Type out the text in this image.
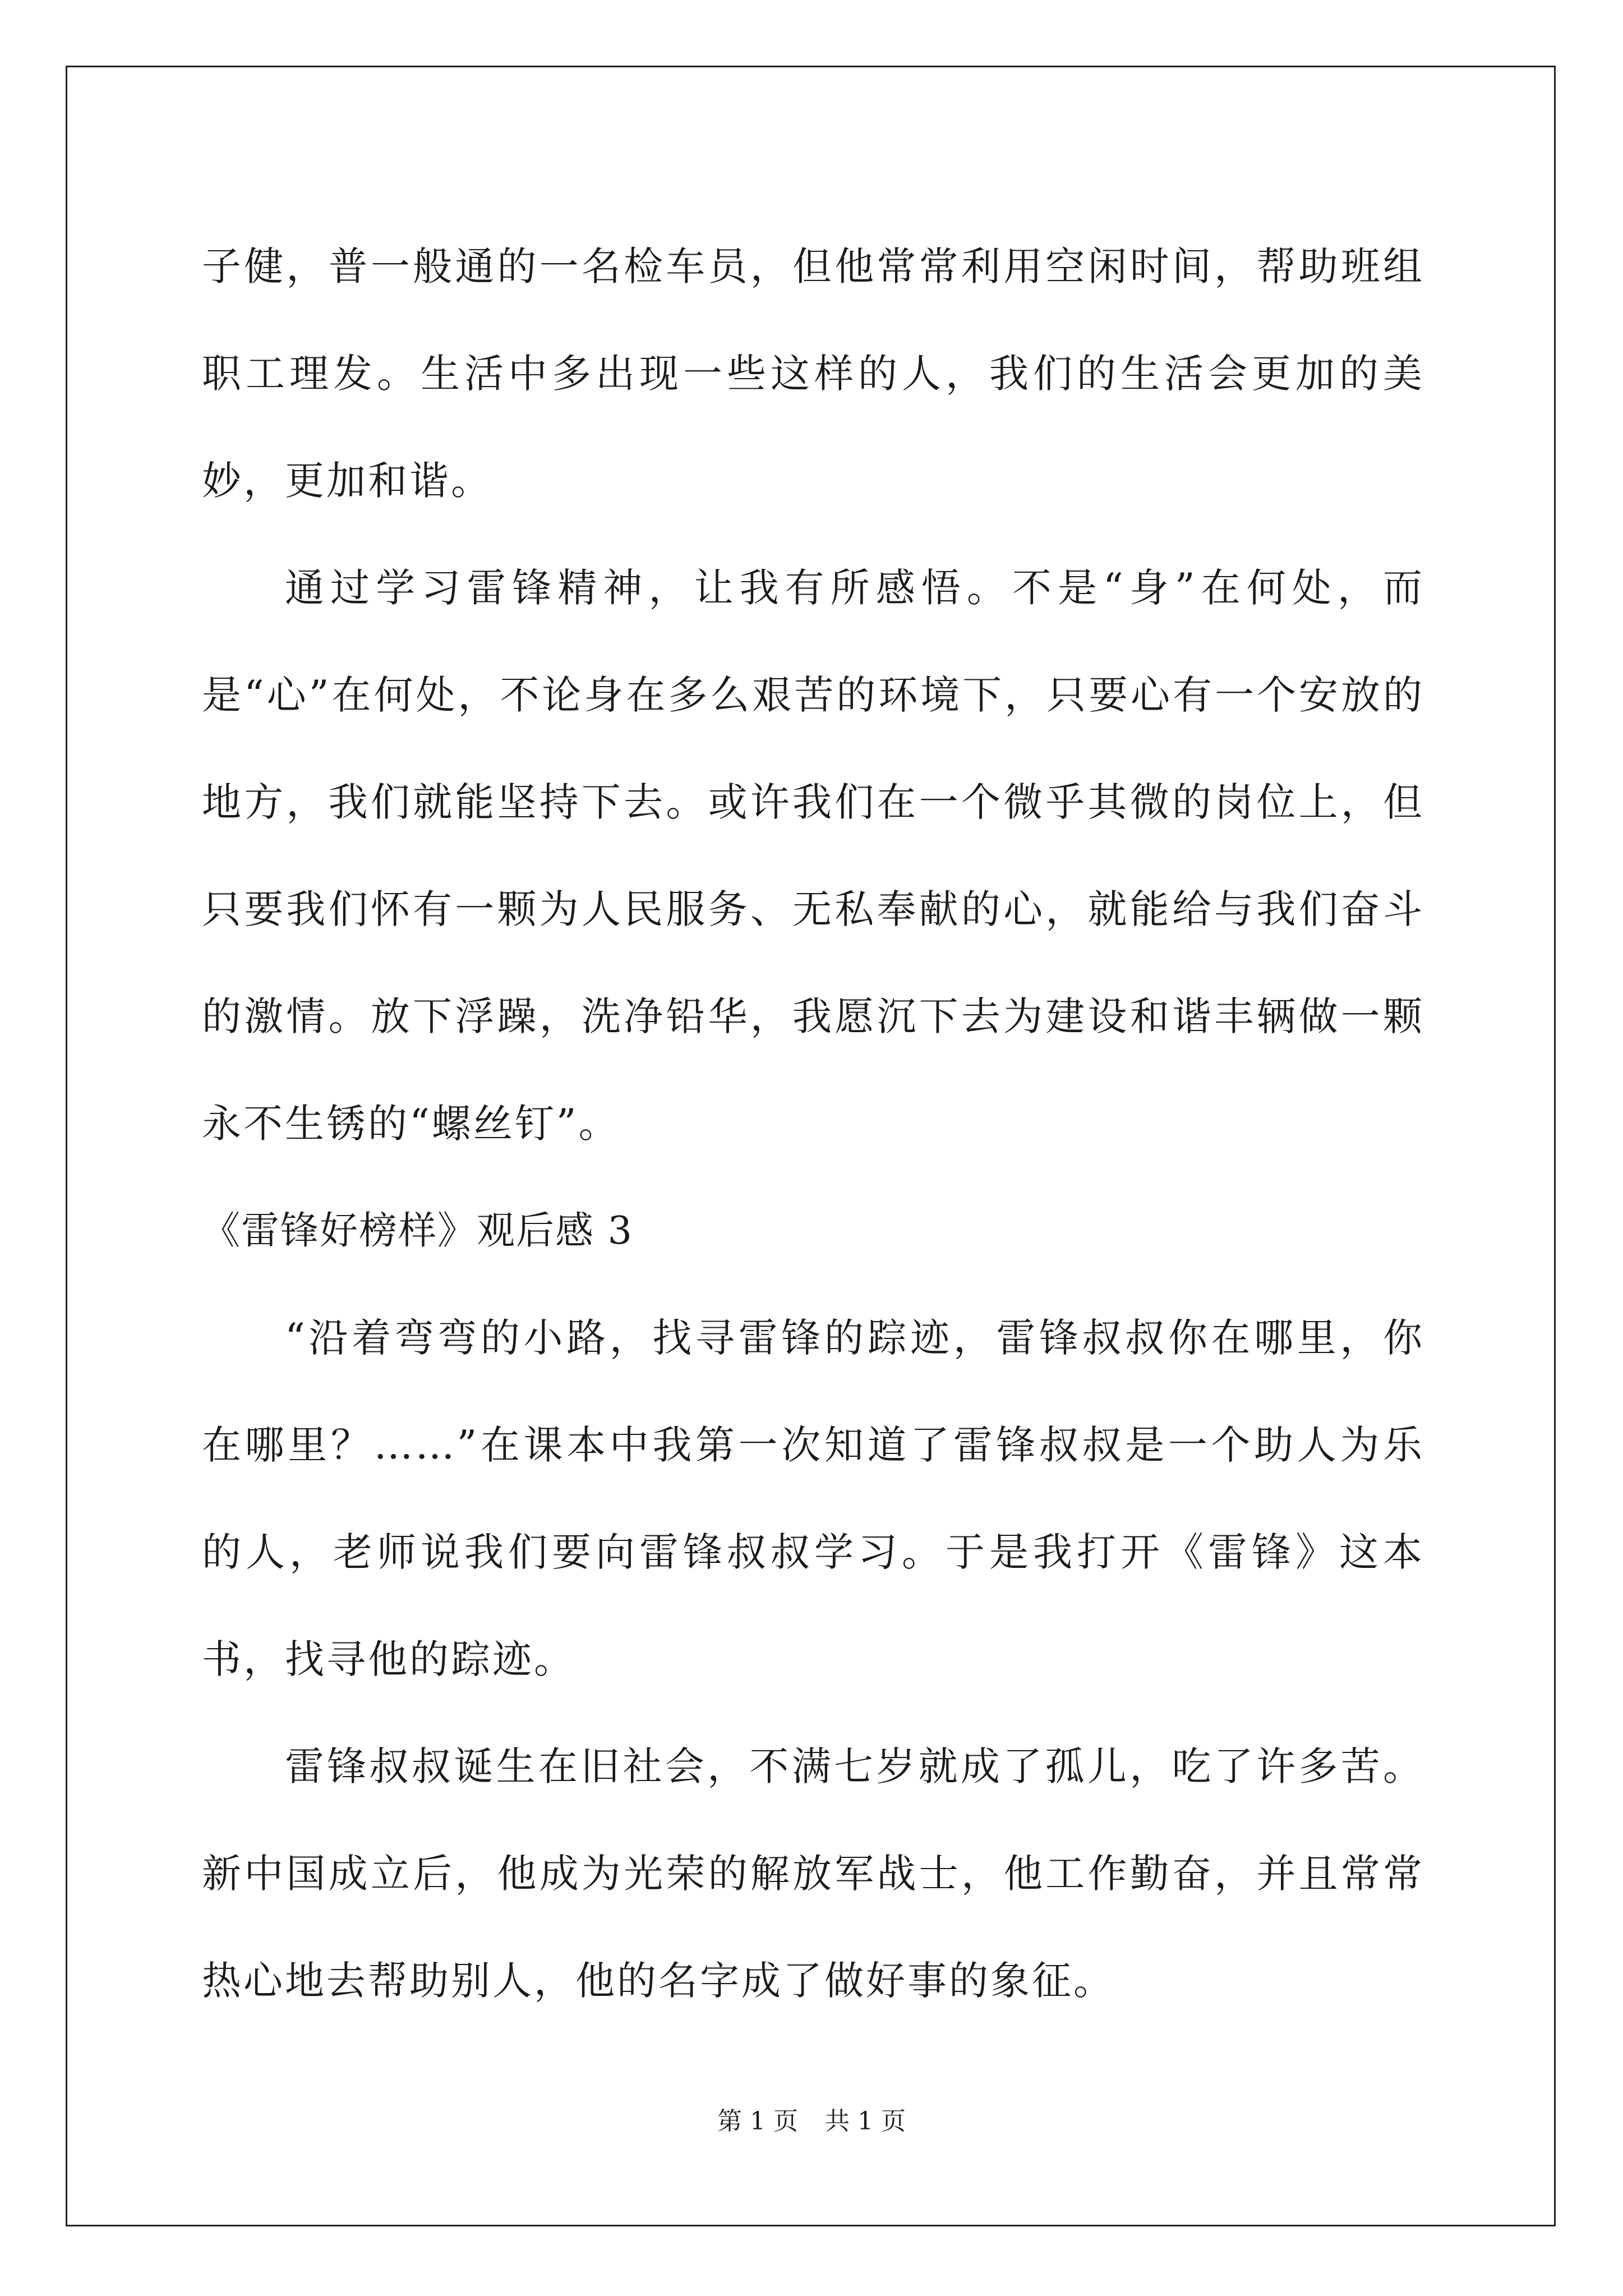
子健，普一般通的一名检车员，但他常常利用空闲时间，帮助班组职工理发。生活中多出现一些这样的人，我们的生活会更加的美妙，更加和谐。

通过学习雷锋精神，让我有所感悟。不是“身”在何处，而是“心”在何处，不论身在多么艰苦的环境下，只要心有一个安放的地方，我们就能坚持下去。或许我们在一个微乎其微的岗位上，但只要我们怀有一颗为人民服务、无私奉献的心，就能给与我们奋斗的激情。放下浮躁，洗净铅华，我愿沉下去为建设和谐丰辆做一颗永不生锈的“螺丝钉”。

《雷锋好榜样》观后感 3

“沿着弯弯的小路，找寻雷锋的踪迹，雷锋叔叔你在哪里，你在哪里？……”在课本中我第一次知道了雷锋叔叔是一个助人为乐的人，老师说我们要向雷锋叔叔学习。于是我打开《雷锋》这本书，找寻他的踪迹。

雷锋叔叔诞生在旧社会，不满七岁就成了孤儿，吃了许多苦。新中国成立后，他成为光荣的解放军战士，他工作勤奋，并且常常热心地去帮助别人，他的名字成了做好事的象征。

第 1 页 共 1 页
